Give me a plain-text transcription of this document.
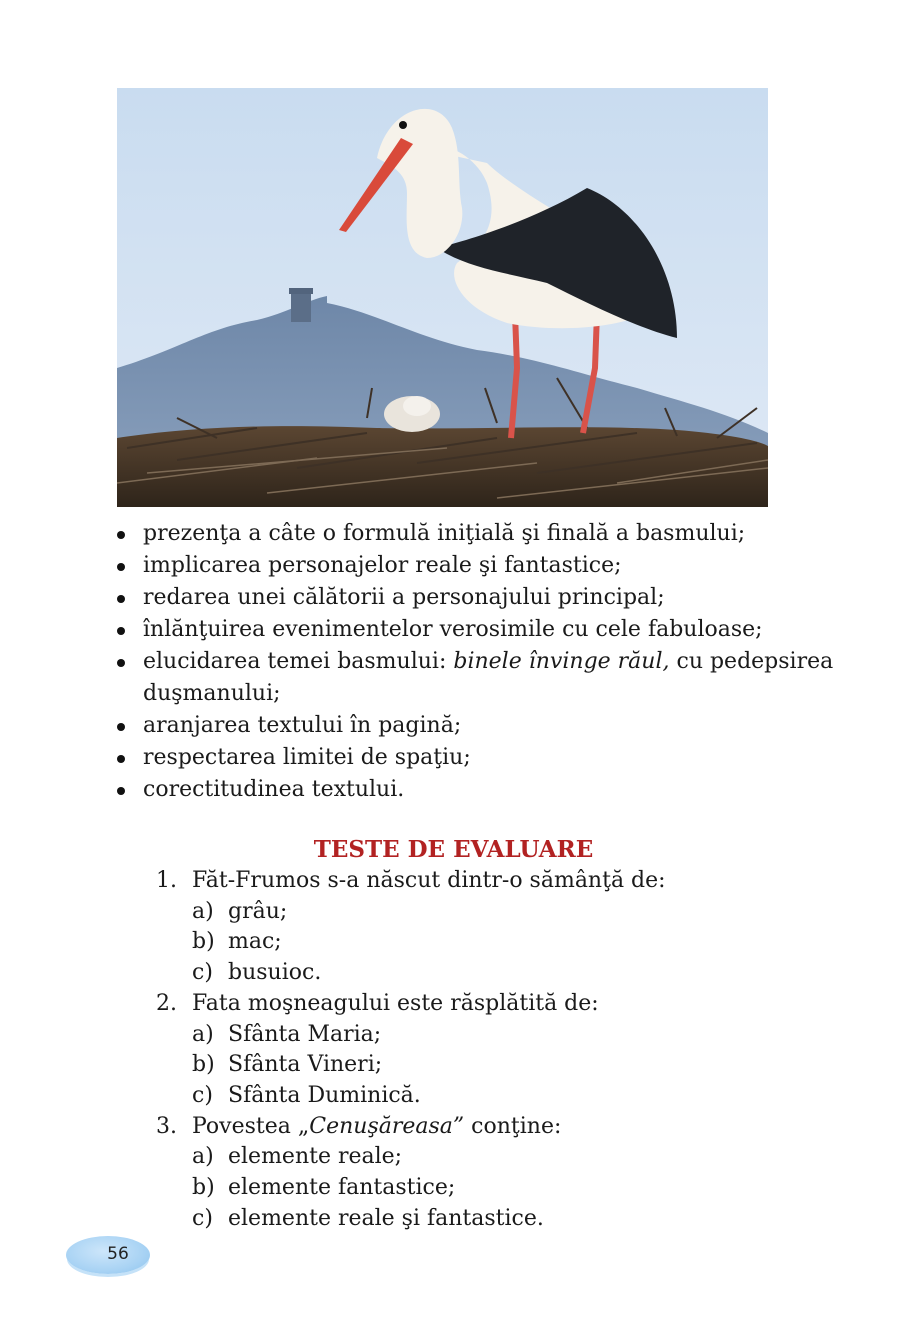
prezenţa a câte o formulă iniţială şi finală a basmului;
implicarea personajelor reale şi fantastice;
redarea unei călătorii a personajului principal;
înlănţuirea evenimentelor verosimile cu cele fabuloase;
elucidarea temei basmului: binele învinge răul, cu pedepsirea duşmanului;
aranjarea textului în pagină;
respectarea limitei de spaţiu;
corectitudinea textului.
TESTE DE EVALUARE
1. Făt-Frumos s-a născut dintr-o sămânţă de:
a) grâu;
b) mac;
c) busuioc.
2. Fata moşneagului este răsplătită de:
a) Sfânta Maria;
b) Sfânta Vineri;
c) Sfânta Duminică.
3. Povestea „Cenuşăreasa” conţine:
a) elemente reale;
b) elemente fantastice;
c) elemente reale şi fantastice.
56
